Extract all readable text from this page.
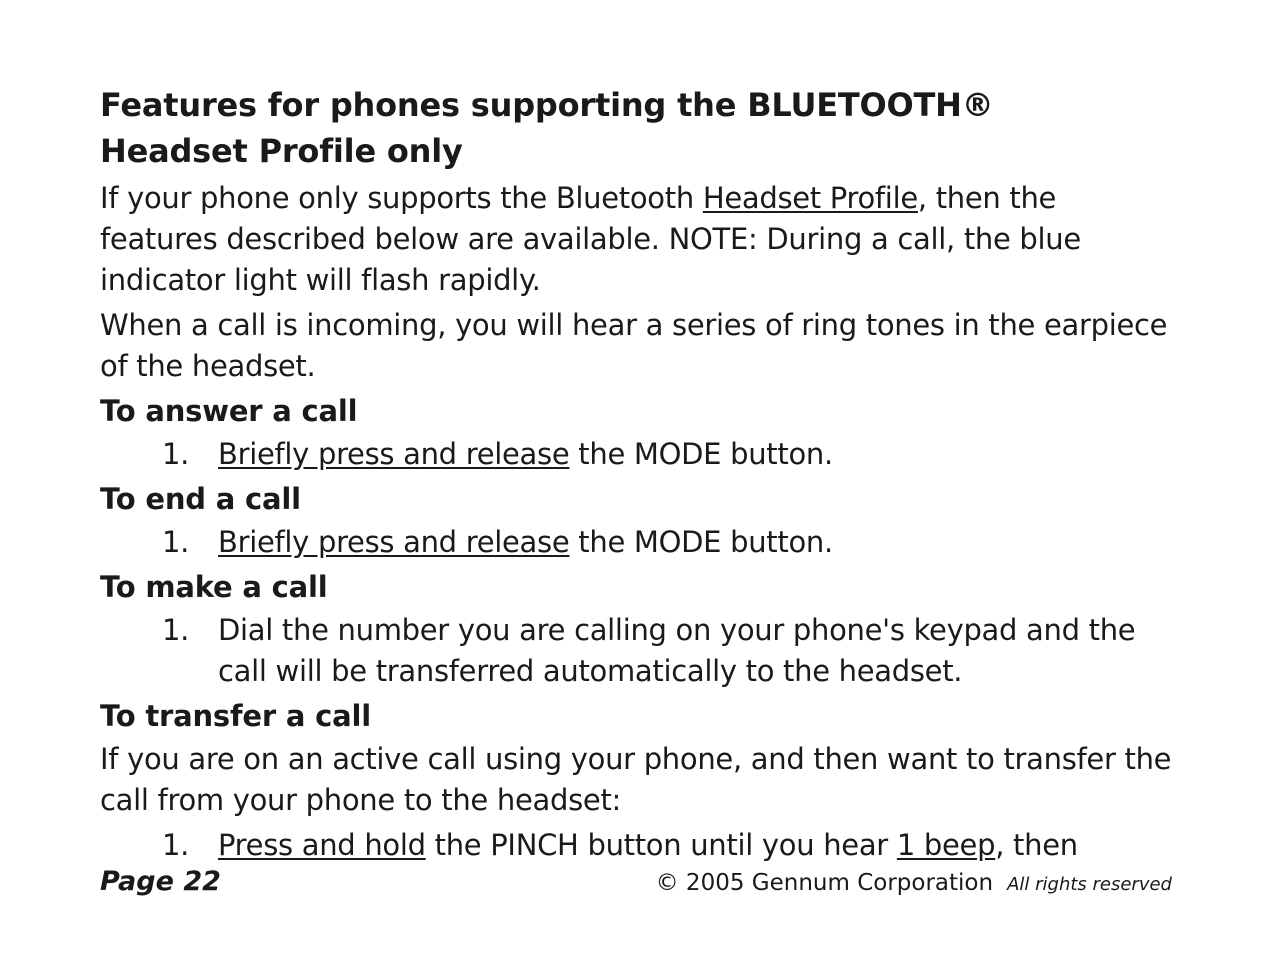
Features for phones supporting the BLUETOOTH®
Headset Profile only

If your phone only supports the Bluetooth Headset Profile, then the features described below are available. NOTE: During a call, the blue indicator light will flash rapidly.

When a call is incoming, you will hear a series of ring tones in the earpiece of the headset.

To answer a call
1. Briefly press and release the MODE button.
To end a call
1. Briefly press and release the MODE button.
To make a call
1. Dial the number you are calling on your phone's keypad and the call will be transferred automatically to the headset.
To transfer a call

If you are on an active call using your phone, and then want to transfer the call from your phone to the headset:

1. Press and hold the PINCH button until you hear 1 beep, then
Page 22	© 2005 Gennum Corporation All rights reserved
